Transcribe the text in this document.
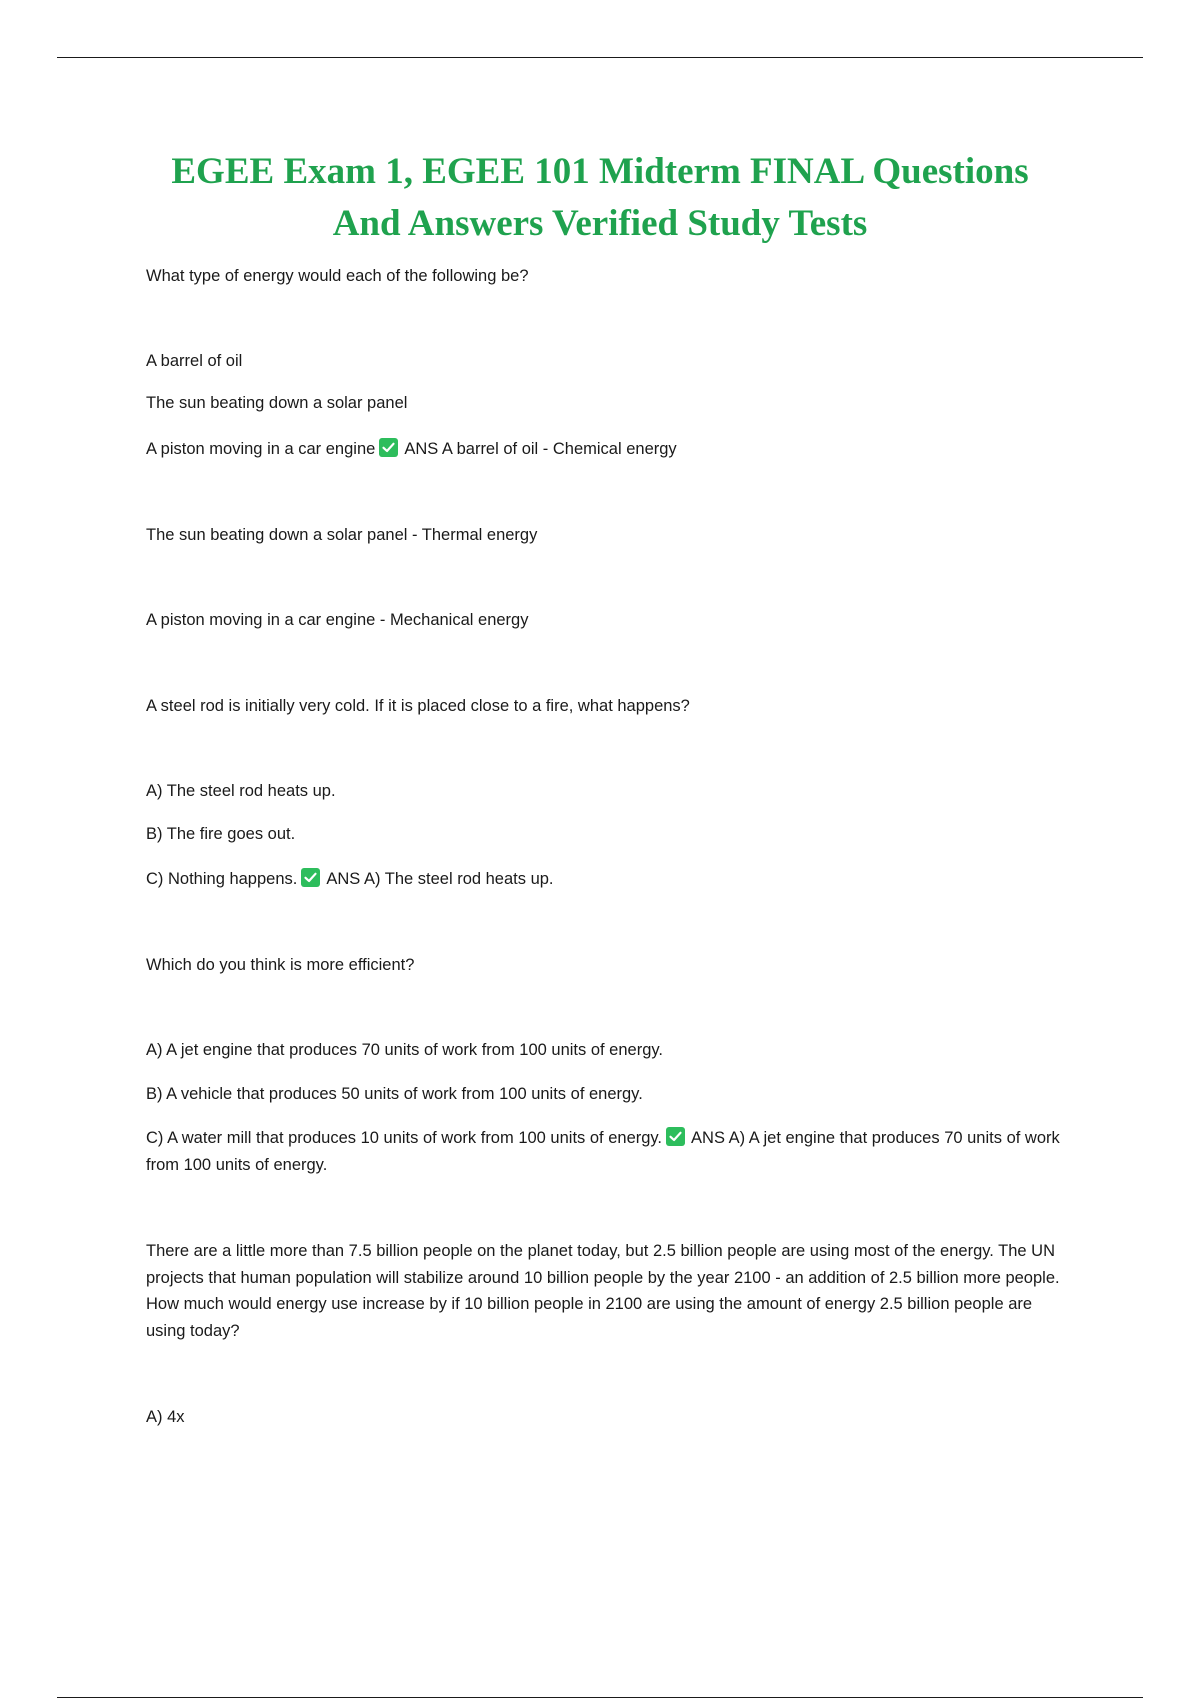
EGEE Exam 1, EGEE 101 Midterm FINAL Questions
And Answers Verified Study Tests

What type of energy would each of the following be?

A barrel of oil

The sun beating down a solar panel

A piston moving in a car engine ANS A barrel of oil - Chemical energy

The sun beating down a solar panel - Thermal energy

A piston moving in a car engine - Mechanical energy

A steel rod is initially very cold. If it is placed close to a fire, what happens?

A) The steel rod heats up.

B) The fire goes out.

C) Nothing happens. ANS A) The steel rod heats up.

Which do you think is more efficient?

A) A jet engine that produces 70 units of work from 100 units of energy.

B) A vehicle that produces 50 units of work from 100 units of energy.

C) A water mill that produces 10 units of work from 100 units of energy. ANS A) A jet engine that produces 70 units of work from 100 units of energy.

There are a little more than 7.5 billion people on the planet today, but 2.5 billion people are using most of the energy. The UN projects that human population will stabilize around 10 billion people by the year 2100 - an addition of 2.5 billion more people. How much would energy use increase by if 10 billion people in 2100 are using the amount of energy 2.5 billion people are using today?

A) 4x
